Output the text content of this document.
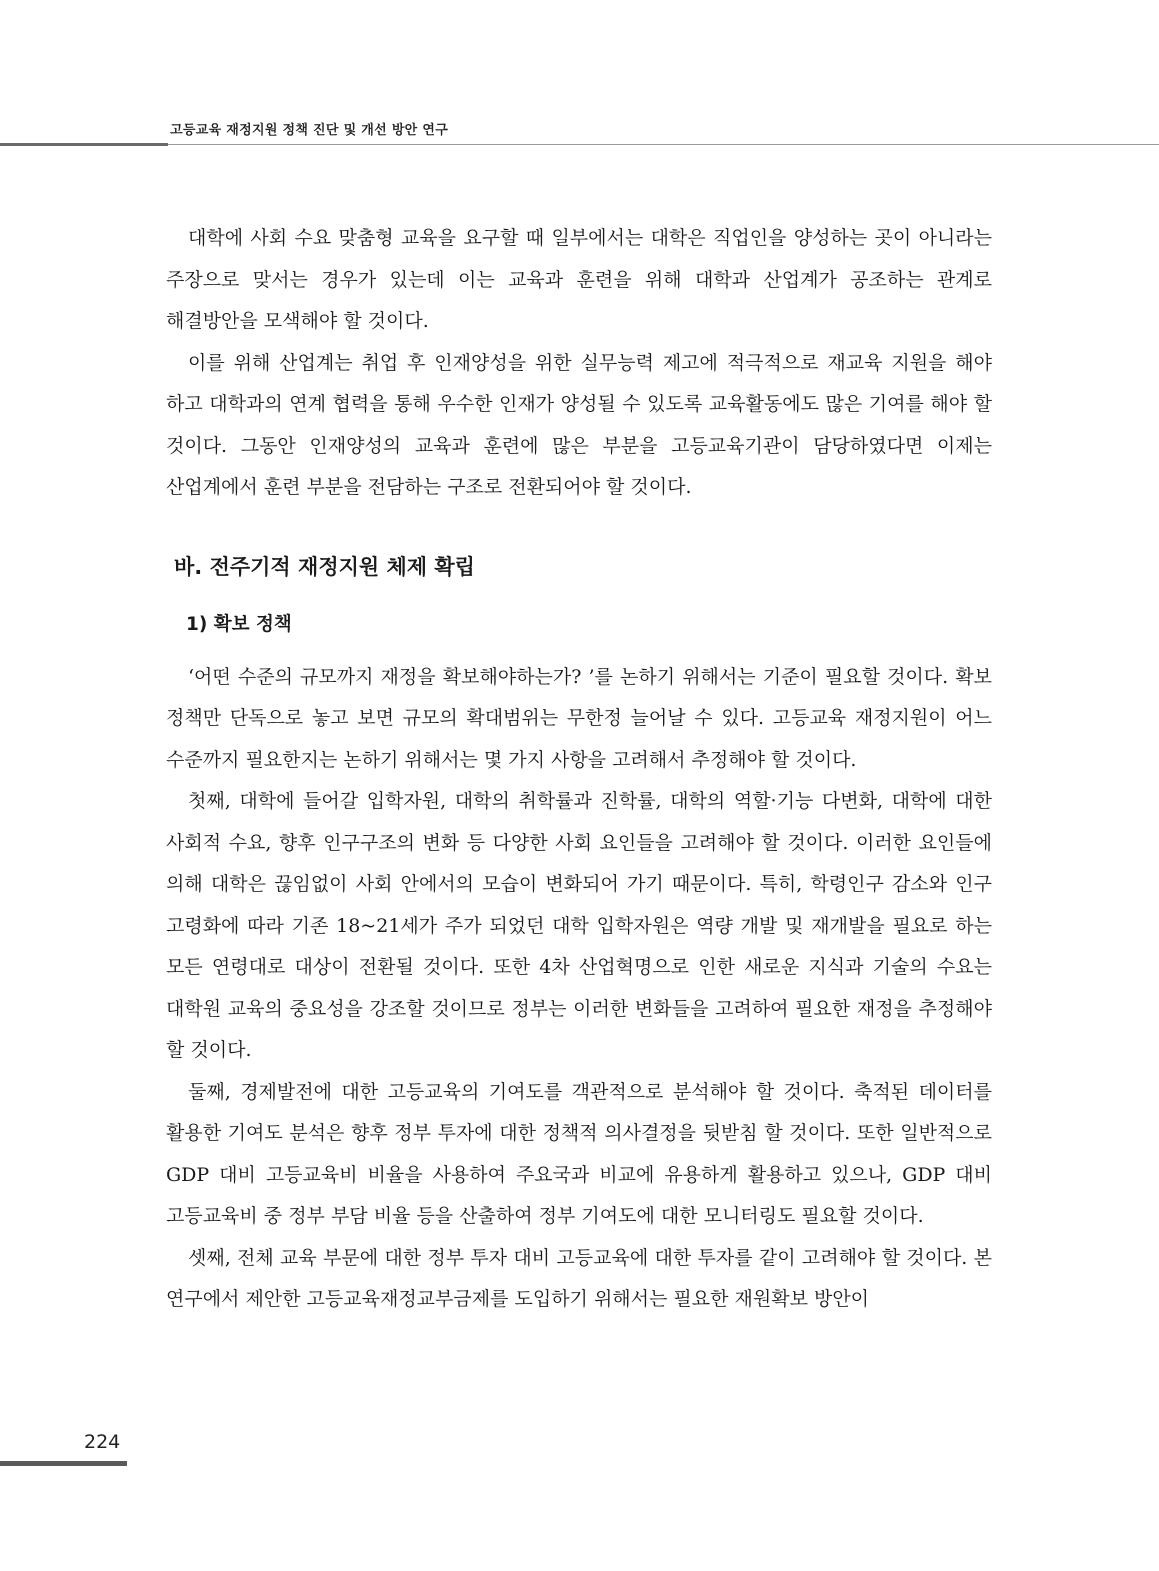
고등교육 재정지원 정책 진단 및 개선 방안 연구

대학에 사회 수요 맞춤형 교육을 요구할 때 일부에서는 대학은 직업인을 양성하는 곳이 아니라는 주장으로 맞서는 경우가 있는데 이는 교육과 훈련을 위해 대학과 산업계가 공조하는 관계로 해결방안을 모색해야 할 것이다.

이를 위해 산업계는 취업 후 인재양성을 위한 실무능력 제고에 적극적으로 재교육 지원을 해야 하고 대학과의 연계 협력을 통해 우수한 인재가 양성될 수 있도록 교육활동에도 많은 기여를 해야 할 것이다. 그동안 인재양성의 교육과 훈련에 많은 부분을 고등교육기관이 담당하였다면 이제는 산업계에서 훈련 부분을 전담하는 구조로 전환되어야 할 것이다.

바. 전주기적 재정지원 체제 확립
1) 확보 정책

‘어떤 수준의 규모까지 재정을 확보해야하는가? ’를 논하기 위해서는 기준이 필요할 것이다. 확보 정책만 단독으로 놓고 보면 규모의 확대범위는 무한정 늘어날 수 있다. 고등교육 재정지원이 어느 수준까지 필요한지는 논하기 위해서는 몇 가지 사항을 고려해서 추정해야 할 것이다.

첫째, 대학에 들어갈 입학자원, 대학의 취학률과 진학률, 대학의 역할·기능 다변화, 대학에 대한 사회적 수요, 향후 인구구조의 변화 등 다양한 사회 요인들을 고려해야 할 것이다. 이러한 요인들에 의해 대학은 끊임없이 사회 안에서의 모습이 변화되어 가기 때문이다. 특히, 학령인구 감소와 인구 고령화에 따라 기존 18~21세가 주가 되었던 대학 입학자원은 역량 개발 및 재개발을 필요로 하는 모든 연령대로 대상이 전환될 것이다. 또한 4차 산업혁명으로 인한 새로운 지식과 기술의 수요는 대학원 교육의 중요성을 강조할 것이므로 정부는 이러한 변화들을 고려하여 필요한 재정을 추정해야 할 것이다.

둘째, 경제발전에 대한 고등교육의 기여도를 객관적으로 분석해야 할 것이다. 축적된 데이터를 활용한 기여도 분석은 향후 정부 투자에 대한 정책적 의사결정을 뒷받침 할 것이다. 또한 일반적으로 GDP 대비 고등교육비 비율을 사용하여 주요국과 비교에 유용하게 활용하고 있으나, GDP 대비 고등교육비 중 정부 부담 비율 등을 산출하여 정부 기여도에 대한 모니터링도 필요할 것이다.

셋째, 전체 교육 부문에 대한 정부 투자 대비 고등교육에 대한 투자를 같이 고려해야 할 것이다. 본 연구에서 제안한 고등교육재정교부금제를 도입하기 위해서는 필요한 재원확보 방안이

224
